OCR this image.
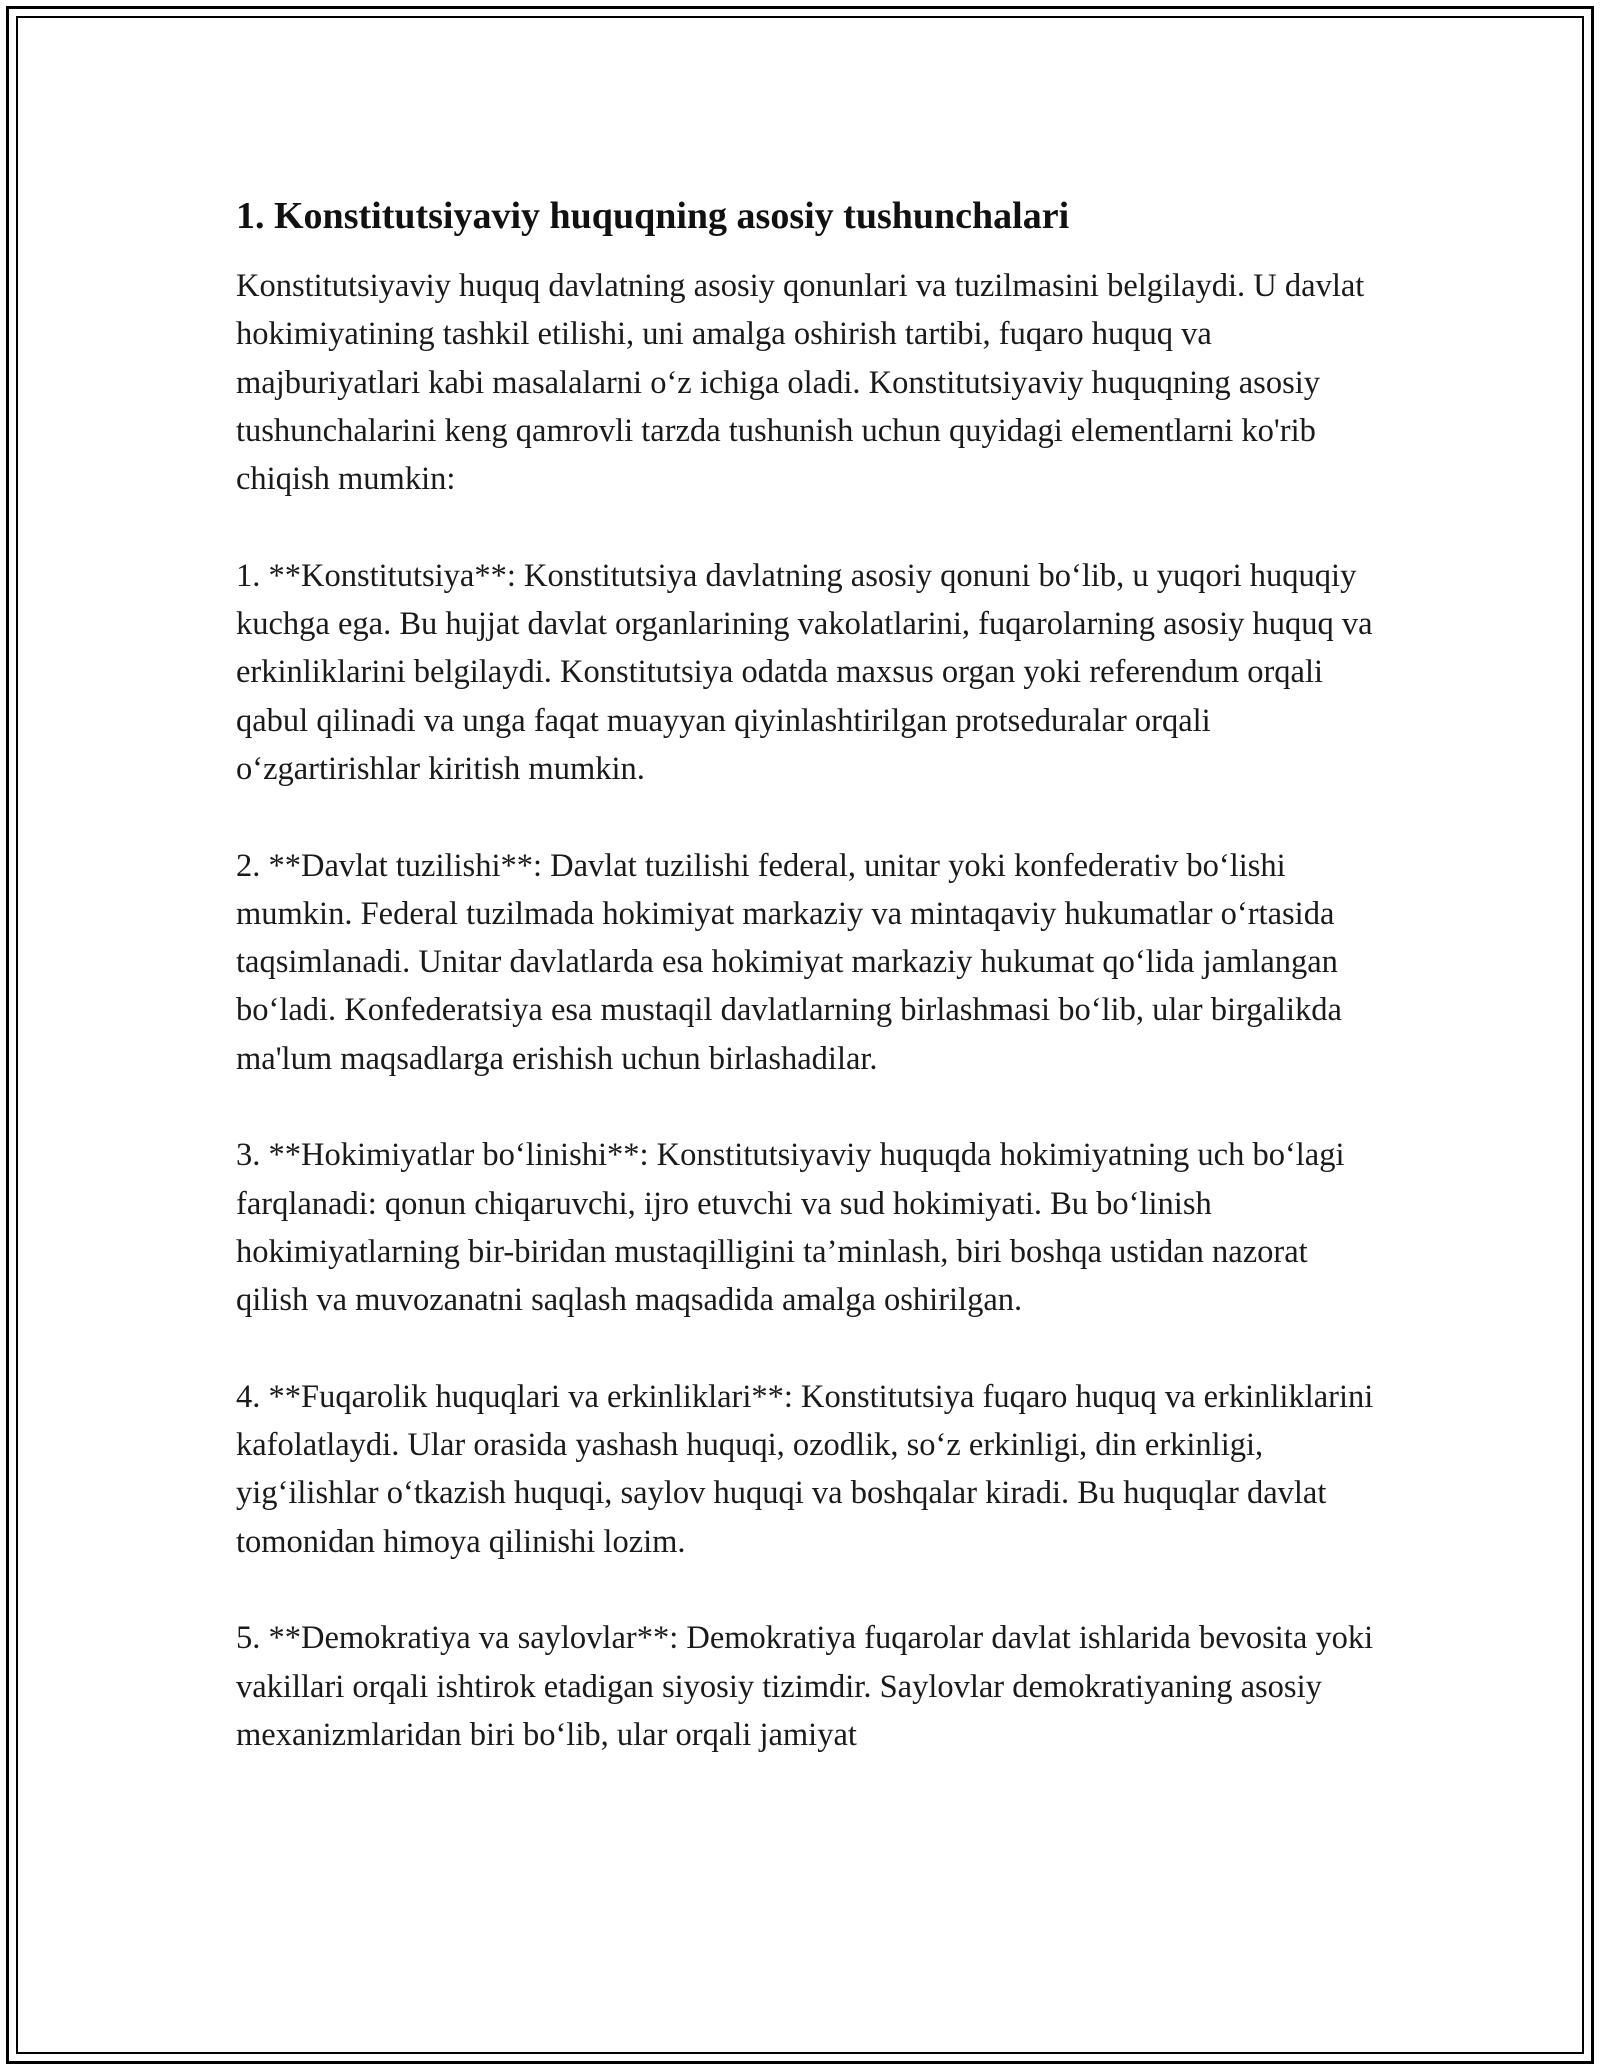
1. Konstitutsiyaviy huquqning asosiy tushunchalari

Konstitutsiyaviy huquq davlatning asosiy qonunlari va tuzilmasini belgilaydi. U davlat hokimiyatining tashkil etilishi, uni amalga oshirish tartibi, fuqaro huquq va majburiyatlari kabi masalalarni oʻz ichiga oladi. Konstitutsiyaviy huquqning asosiy tushunchalarini keng qamrovli tarzda tushunish uchun quyidagi elementlarni ko'rib chiqish mumkin:

1. **Konstitutsiya**: Konstitutsiya davlatning asosiy qonuni boʻlib, u yuqori huquqiy kuchga ega. Bu hujjat davlat organlarining vakolatlarini, fuqarolarning asosiy huquq va erkinliklarini belgilaydi. Konstitutsiya odatda maxsus organ yoki referendum orqali qabul qilinadi va unga faqat muayyan qiyinlashtirilgan protseduralar orqali oʻzgartirishlar kiritish mumkin.

2. **Davlat tuzilishi**: Davlat tuzilishi federal, unitar yoki konfederativ boʻlishi mumkin. Federal tuzilmada hokimiyat markaziy va mintaqaviy hukumatlar oʻrtasida taqsimlanadi. Unitar davlatlarda esa hokimiyat markaziy hukumat qoʻlida jamlangan boʻladi. Konfederatsiya esa mustaqil davlatlarning birlashmasi boʻlib, ular birgalikda ma'lum maqsadlarga erishish uchun birlashadilar.

3. **Hokimiyatlar boʻlinishi**: Konstitutsiyaviy huquqda hokimiyatning uch boʻlagi farqlanadi: qonun chiqaruvchi, ijro etuvchi va sud hokimiyati. Bu boʻlinish hokimiyatlarning bir-biridan mustaqilligini ta’minlash, biri boshqa ustidan nazorat qilish va muvozanatni saqlash maqsadida amalga oshirilgan.

4. **Fuqarolik huquqlari va erkinliklari**: Konstitutsiya fuqaro huquq va erkinliklarini kafolatlaydi. Ular orasida yashash huquqi, ozodlik, soʻz erkinligi, din erkinligi, yigʻilishlar oʻtkazish huquqi, saylov huquqi va boshqalar kiradi. Bu huquqlar davlat tomonidan himoya qilinishi lozim.

5. **Demokratiya va saylovlar**: Demokratiya fuqarolar davlat ishlarida bevosita yoki vakillari orqali ishtirok etadigan siyosiy tizimdir. Saylovlar demokratiyaning asosiy mexanizmlaridan biri boʻlib, ular orqali jamiyat
